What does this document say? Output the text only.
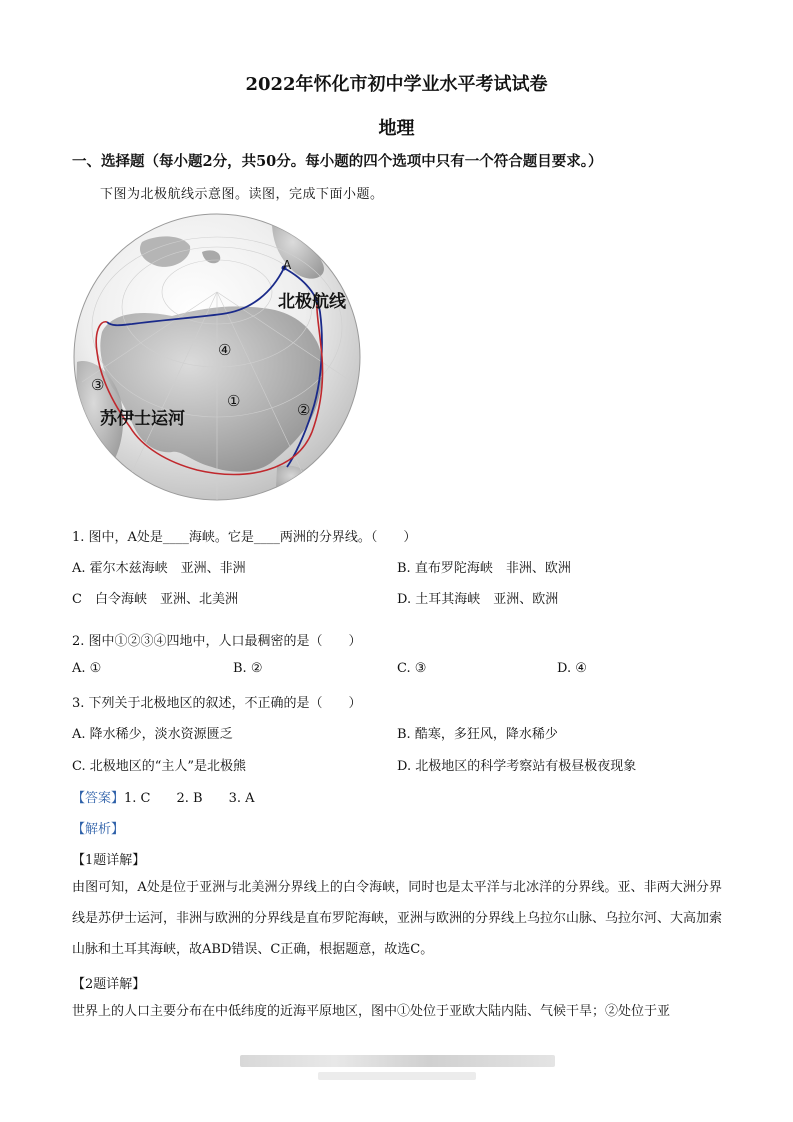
2022年怀化市初中学业水平考试试卷
地理
一、选择题（每小题2分，共50分。每小题的四个选项中只有一个符合题目要求。）
下图为北极航线示意图。读图，完成下面小题。
A
北极航线
苏伊士运河
④
①	②
③
1. 图中，A处是____海峡。它是____两洲的分界线。（　　）
A. 霍尔木兹海峡　亚洲、非洲	B. 直布罗陀海峡　非洲、欧洲
C　白令海峡　亚洲、北美洲	D. 土耳其海峡　亚洲、欧洲
2. 图中①②③④四地中，人口最稠密的是（　　）
A. ①	B. ②	C. ③	D. ④
3. 下列关于北极地区的叙述，不正确的是（　　）
A. 降水稀少，淡水资源匮乏	B. 酷寒，多狂风，降水稀少
C. 北极地区的“主人”是北极熊	D. 北极地区的科学考察站有极昼极夜现象
【答案】1. C　　2. B　　3. A
【解析】
【1题详解】
由图可知，A处是位于亚洲与北美洲分界线上的白令海峡，同时也是太平洋与北冰洋的分界线。亚、非两大洲分界线是苏伊士运河，非洲与欧洲的分界线是直布罗陀海峡，亚洲与欧洲的分界线上乌拉尔山脉、乌拉尔河、大高加索山脉和土耳其海峡，故ABD错误、C正确，根据题意，故选C。
【2题详解】
世界上的人口主要分布在中低纬度的近海平原地区，图中①处位于亚欧大陆内陆、气候干旱；②处位于亚
